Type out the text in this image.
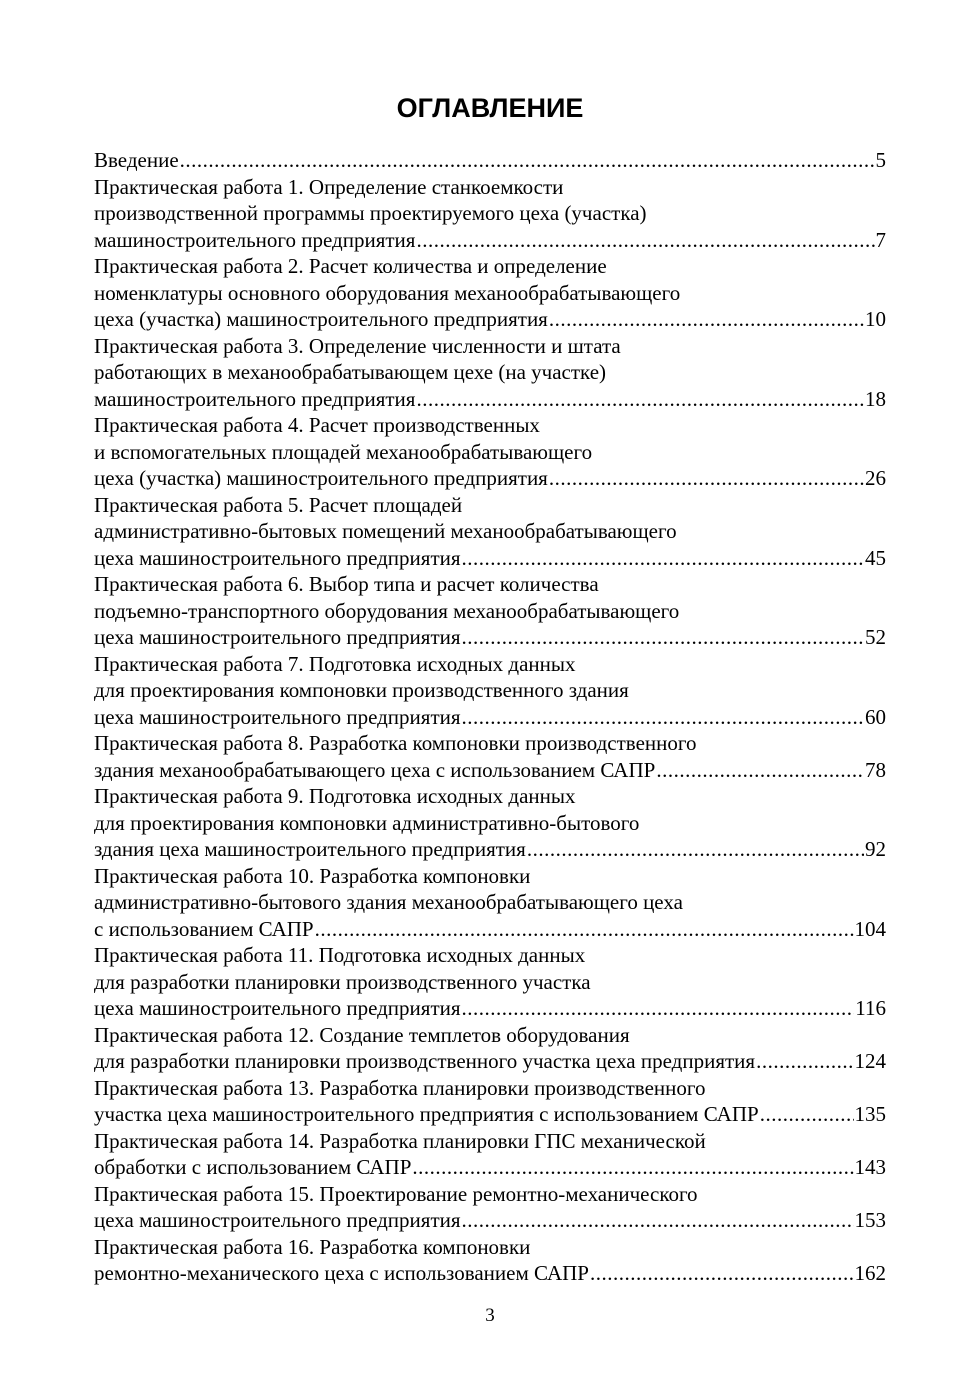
ОГЛАВЛЕНИЕ
Введение .....	5
Практическая работа 1. Определение станкоемкости
производственной программы проектируемого цеха (участка)
машиностроительного предприятия .....	7
Практическая работа 2. Расчет количества и определение
номенклатуры основного оборудования механообрабатывающего
цеха (участка) машиностроительного предприятия .....	10
Практическая работа 3. Определение численности и штата
работающих в механообрабатывающем цехе (на участке)
машиностроительного предприятия .....	18
Практическая работа 4. Расчет производственных
и вспомогательных площадей механообрабатывающего
цеха (участка) машиностроительного предприятия .....	26
Практическая работа 5. Расчет площадей
административно-бытовых помещений механообрабатывающего
цеха машиностроительного предприятия .....	45
Практическая работа 6. Выбор типа и расчет количества
подъемно-транспортного оборудования механообрабатывающего
цеха машиностроительного предприятия .....	52
Практическая работа 7. Подготовка исходных данных
для проектирования компоновки производственного здания
цеха машиностроительного предприятия .....	60
Практическая работа 8. Разработка компоновки производственного
здания механообрабатывающего цеха с использованием САПР .....	78
Практическая работа 9. Подготовка исходных данных
для проектирования компоновки административно-бытового
здания цеха машиностроительного предприятия .....	92
Практическая работа 10. Разработка компоновки
административно-бытового здания механообрабатывающего цеха
с использованием САПР .....	104
Практическая работа 11. Подготовка исходных данных
для разработки планировки производственного участка
цеха машиностроительного предприятия .....	116
Практическая работа 12. Создание темплетов оборудования
для разработки планировки производственного участка цеха предприятия .....	124
Практическая работа 13. Разработка планировки производственного
участка цеха машиностроительного предприятия с использованием САПР .....	135
Практическая работа 14. Разработка планировки ГПС механической
обработки с использованием САПР .....	143
Практическая работа 15. Проектирование ремонтно-механического
цеха машиностроительного предприятия .....	153
Практическая работа 16. Разработка компоновки
ремонтно-механического цеха с использованием САПР .....	162
3
